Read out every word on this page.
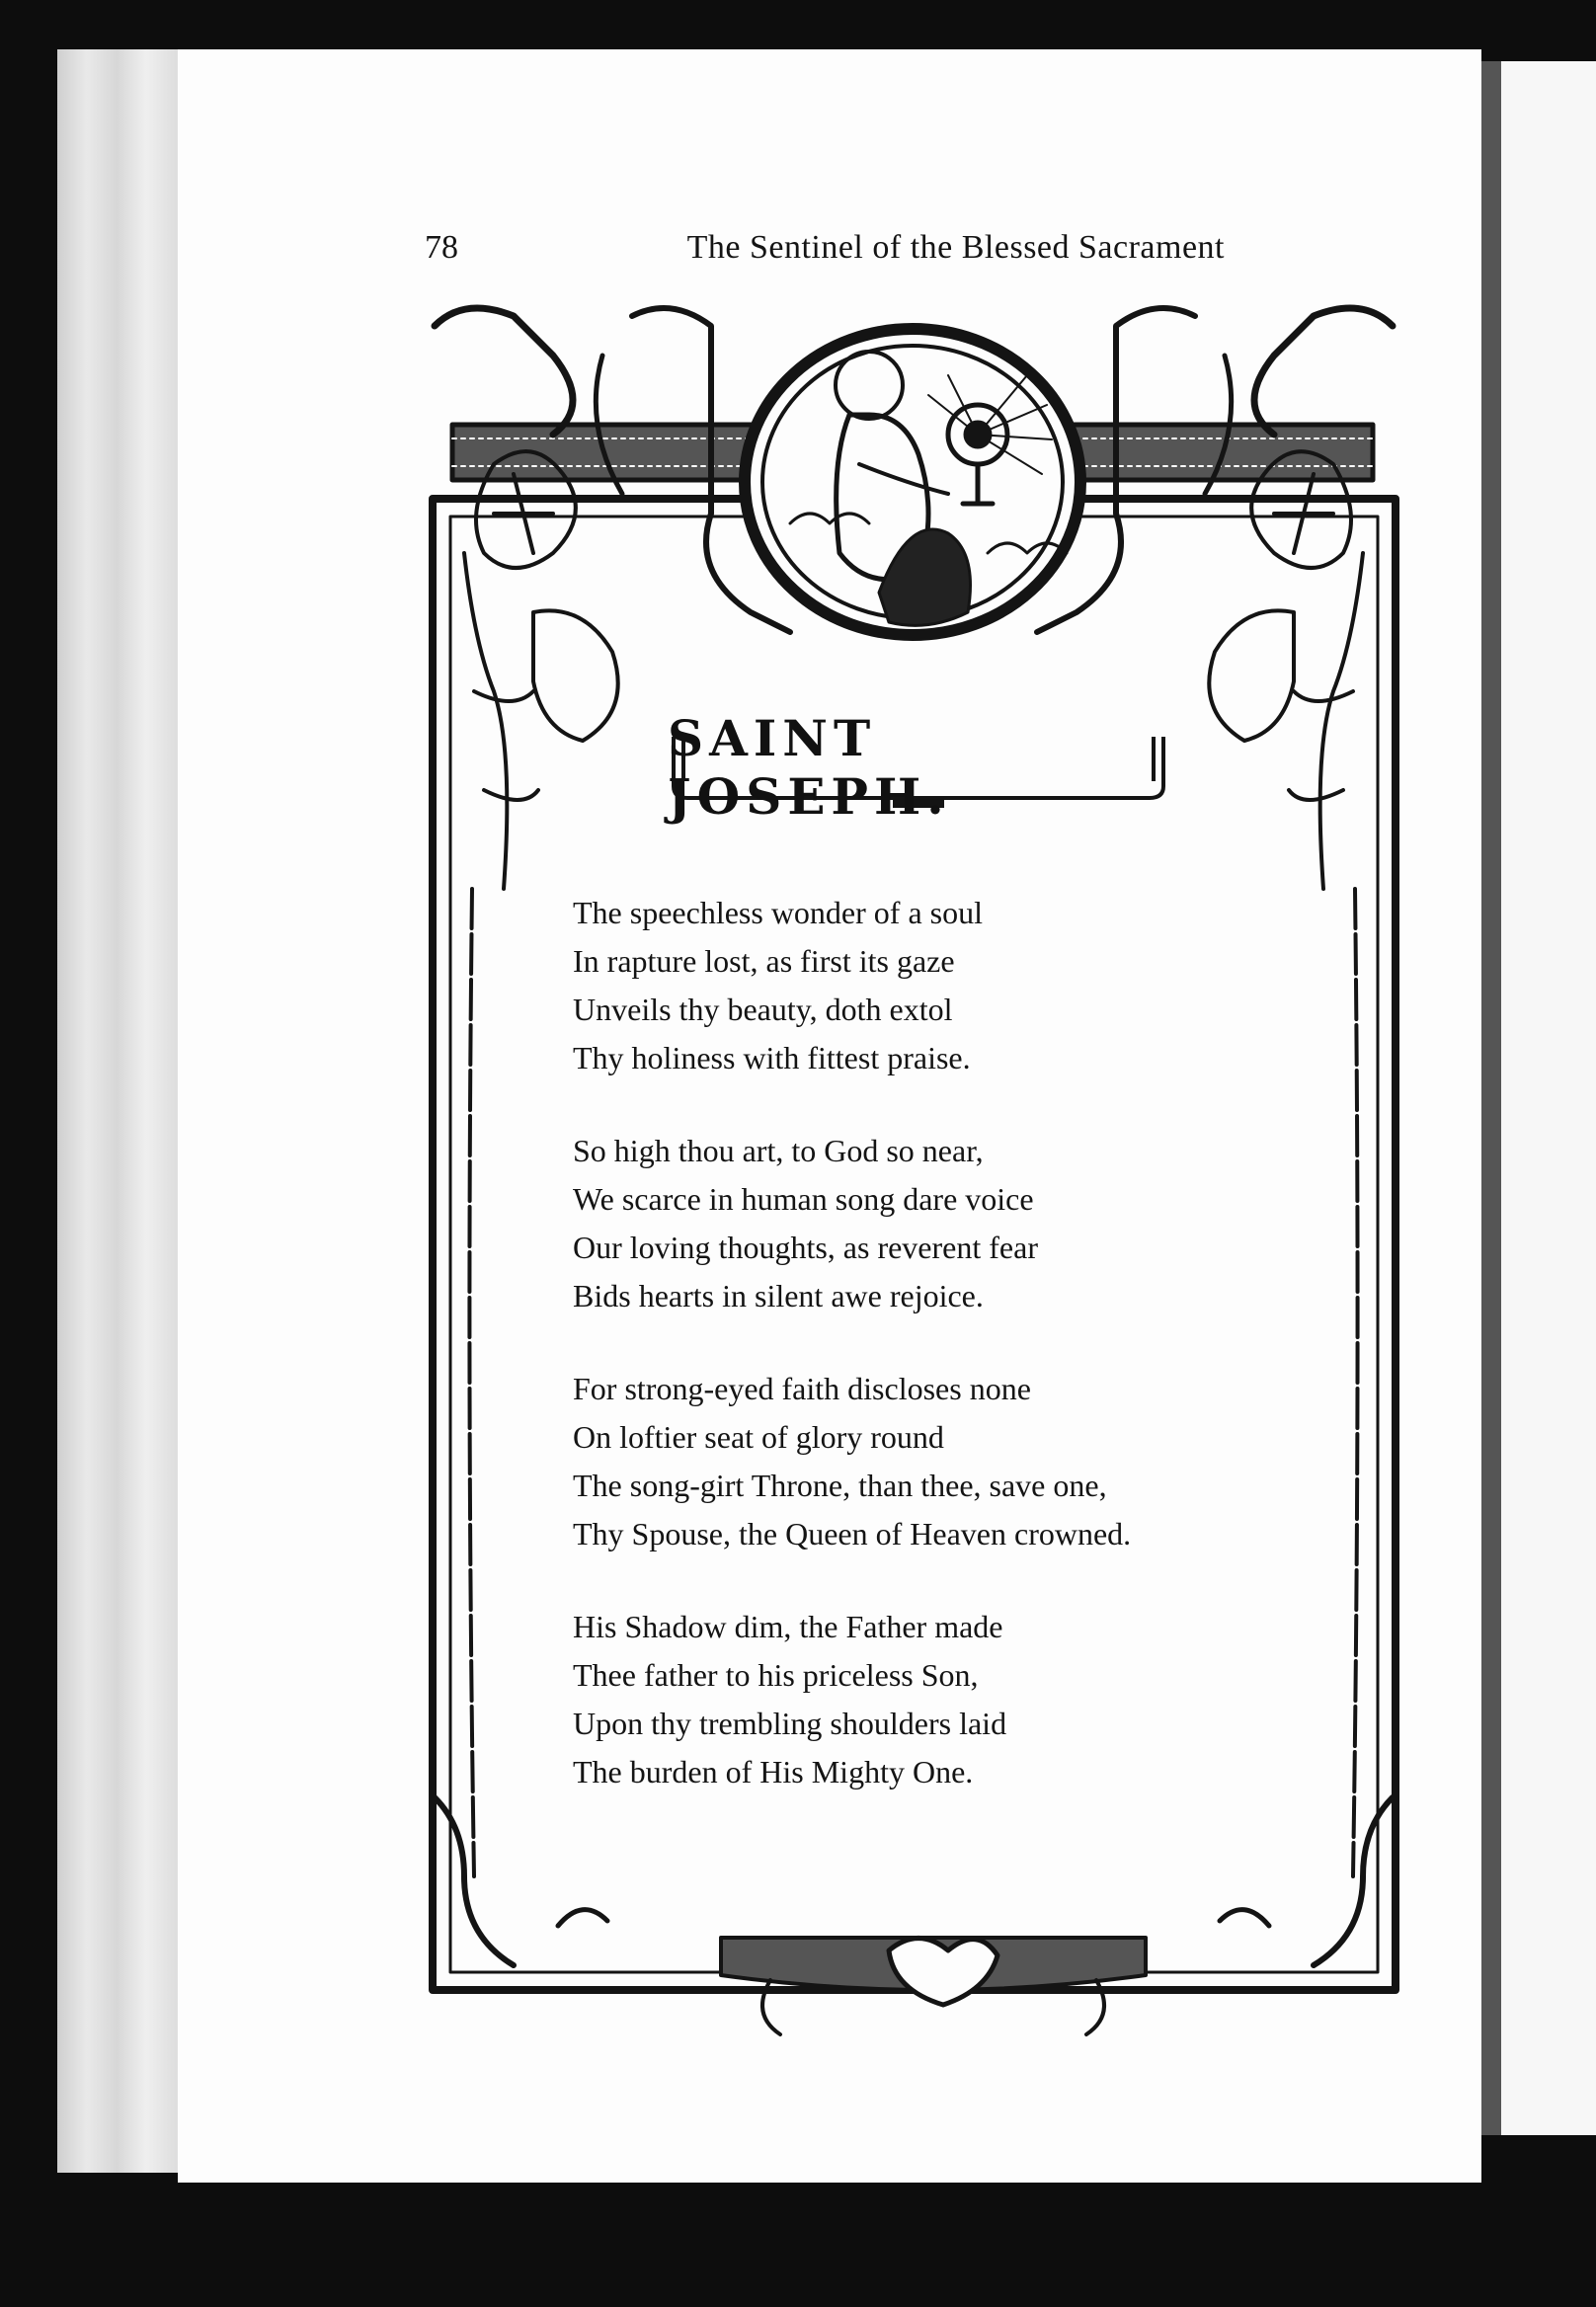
78	The Sentinel of the Blessed Sacrament
SAINT JOSEPH.
The speechless wonder of a soul
In rapture lost, as first its gaze
Unveils thy beauty, doth extol
Thy holiness with fittest praise.
So high thou art, to God so near,
We scarce in human song dare voice
Our loving thoughts, as reverent fear
Bids hearts in silent awe rejoice.
For strong-eyed faith discloses none
On loftier seat of glory round
The song-girt Throne, than thee, save one,
Thy Spouse, the Queen of Heaven crowned.
His Shadow dim, the Father made
Thee father to his priceless Son,
Upon thy trembling shoulders laid
The burden of His Mighty One.
